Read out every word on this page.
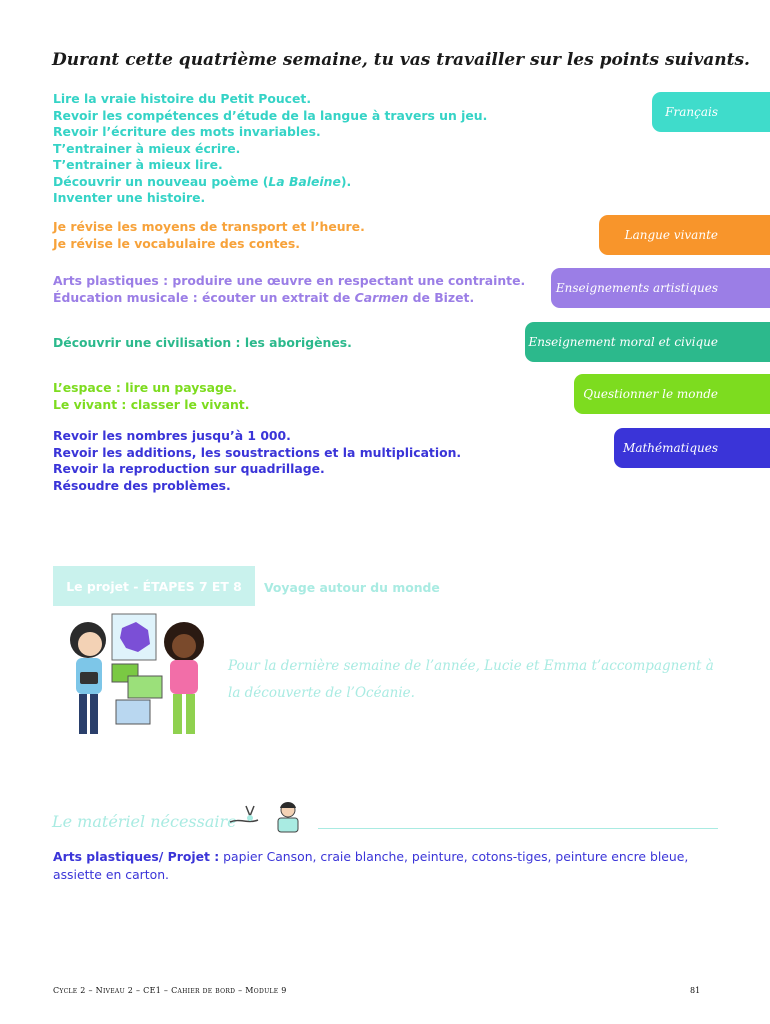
Durant cette quatrième semaine, tu vas travailler sur les points suivants.
Lire la vraie histoire du Petit Poucet.
Revoir les compétences d’étude de la langue à travers un jeu.
Revoir l’écriture des mots invariables.
T’entrainer à mieux écrire.
T’entrainer à mieux lire.
Découvrir un nouveau poème (La Baleine).
Inventer une histoire.
Français
Je révise les moyens de transport et l’heure.
Je révise le vocabulaire des contes.
Langue vivante
Arts plastiques : produire une œuvre en respectant une contrainte.
Éducation musicale : écouter un extrait de Carmen de Bizet.
Enseignements artistiques
Découvrir une civilisation : les aborigènes.	Enseignement moral et civique
L’espace : lire un paysage.
Le vivant : classer le vivant.
Questionner le monde
Revoir les nombres jusqu’à 1 000.
Revoir les additions, les soustractions et la multiplication.
Revoir la reproduction sur quadrillage.
Résoudre des problèmes.
Mathématiques
Le projet - ÉTAPES 7 ET 8	Voyage autour du monde
Pour la dernière semaine de l’année, Lucie et Emma t’accompagnent à la découverte de l’Océanie.
Le matériel nécessaire
Arts plastiques/ Projet : papier Canson, craie blanche, peinture, cotons-tiges, peinture encre bleue, assiette en carton.
Cycle 2 – Niveau 2 – CE1 – Cahier de bord – Module 9	81
